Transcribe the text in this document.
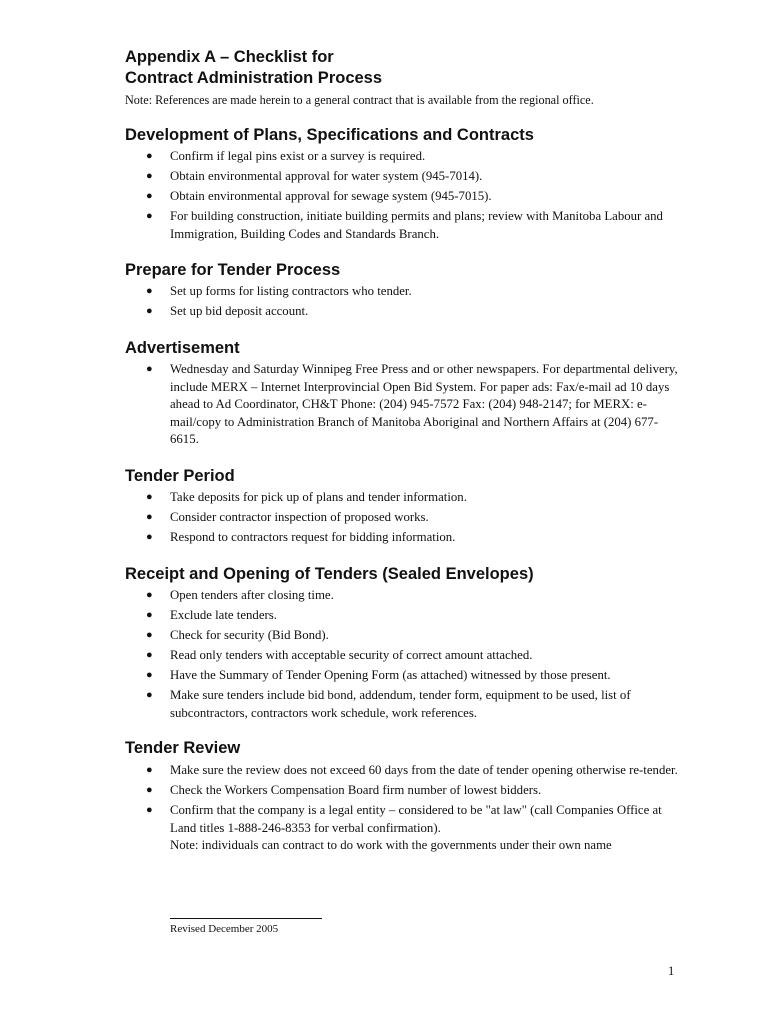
Appendix A – Checklist for
Contract Administration Process

Note: References are made herein to a general contract that is available from the regional office.

Development of Plans, Specifications and Contracts
● Confirm if legal pins exist or a survey is required.
● Obtain environmental approval for water system (945-7014).
● Obtain environmental approval for sewage system (945-7015).
● For building construction, initiate building permits and plans; review with Manitoba Labour and Immigration, Building Codes and Standards Branch.
Prepare for Tender Process
● Set up forms for listing contractors who tender.
● Set up bid deposit account.
Advertisement
● Wednesday and Saturday Winnipeg Free Press and or other newspapers. For departmental delivery, include MERX – Internet Interprovincial Open Bid System. For paper ads: Fax/e-mail ad 10 days ahead to Ad Coordinator, CH&T Phone: (204) 945-7572 Fax: (204) 948-2147; for MERX: e-mail/copy to Administration Branch of Manitoba Aboriginal and Northern Affairs at (204) 677-6615.
Tender Period
● Take deposits for pick up of plans and tender information.
● Consider contractor inspection of proposed works.
● Respond to contractors request for bidding information.
Receipt and Opening of Tenders (Sealed Envelopes)
● Open tenders after closing time.
● Exclude late tenders.
● Check for security (Bid Bond).
● Read only tenders with acceptable security of correct amount attached.
● Have the Summary of Tender Opening Form (as attached) witnessed by those present.
● Make sure tenders include bid bond, addendum, tender form, equipment to be used, list of subcontractors, contractors work schedule, work references.
Tender Review
● Make sure the review does not exceed 60 days from the date of tender opening otherwise re-tender.
● Check the Workers Compensation Board firm number of lowest bidders.
● Confirm that the company is a legal entity – considered to be "at law" (call Companies Office at Land titles 1-888-246-8353 for verbal confirmation).
Note: individuals can contract to do work with the governments under their own name
Revised December 2005
1
